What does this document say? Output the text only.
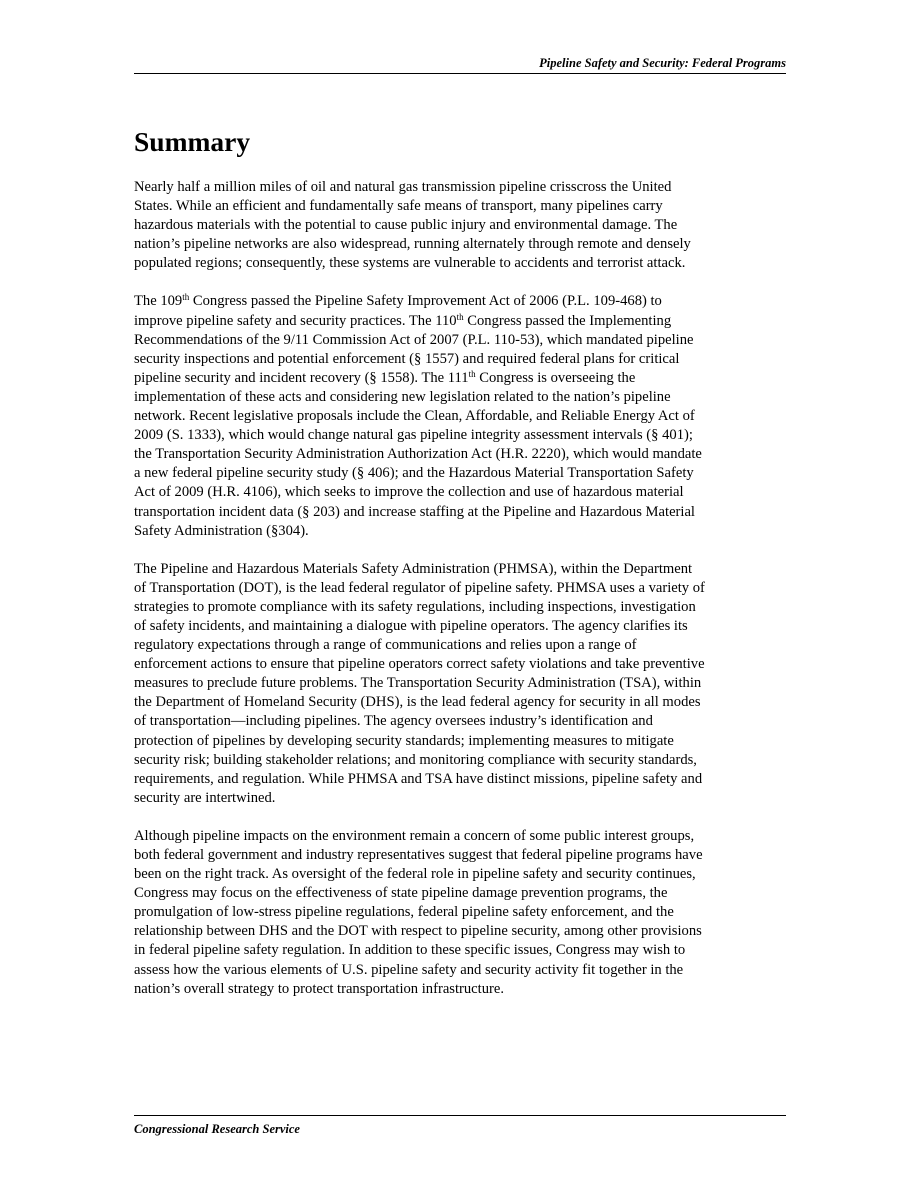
Pipeline Safety and Security: Federal Programs
Summary

Nearly half a million miles of oil and natural gas transmission pipeline crisscross the United
States. While an efficient and fundamentally safe means of transport, many pipelines carry
hazardous materials with the potential to cause public injury and environmental damage. The
nation’s pipeline networks are also widespread, running alternately through remote and densely
populated regions; consequently, these systems are vulnerable to accidents and terrorist attack.

The 109th Congress passed the Pipeline Safety Improvement Act of 2006 (P.L. 109-468) to
improve pipeline safety and security practices. The 110th Congress passed the Implementing
Recommendations of the 9/11 Commission Act of 2007 (P.L. 110-53), which mandated pipeline
security inspections and potential enforcement (§ 1557) and required federal plans for critical
pipeline security and incident recovery (§ 1558). The 111th Congress is overseeing the
implementation of these acts and considering new legislation related to the nation’s pipeline
network. Recent legislative proposals include the Clean, Affordable, and Reliable Energy Act of
2009 (S. 1333), which would change natural gas pipeline integrity assessment intervals (§ 401);
the Transportation Security Administration Authorization Act (H.R. 2220), which would mandate
a new federal pipeline security study (§ 406); and the Hazardous Material Transportation Safety
Act of 2009 (H.R. 4106), which seeks to improve the collection and use of hazardous material
transportation incident data (§ 203) and increase staffing at the Pipeline and Hazardous Material
Safety Administration (§304).

The Pipeline and Hazardous Materials Safety Administration (PHMSA), within the Department
of Transportation (DOT), is the lead federal regulator of pipeline safety. PHMSA uses a variety of
strategies to promote compliance with its safety regulations, including inspections, investigation
of safety incidents, and maintaining a dialogue with pipeline operators. The agency clarifies its
regulatory expectations through a range of communications and relies upon a range of
enforcement actions to ensure that pipeline operators correct safety violations and take preventive
measures to preclude future problems. The Transportation Security Administration (TSA), within
the Department of Homeland Security (DHS), is the lead federal agency for security in all modes
of transportation—including pipelines. The agency oversees industry’s identification and
protection of pipelines by developing security standards; implementing measures to mitigate
security risk; building stakeholder relations; and monitoring compliance with security standards,
requirements, and regulation. While PHMSA and TSA have distinct missions, pipeline safety and
security are intertwined.

Although pipeline impacts on the environment remain a concern of some public interest groups,
both federal government and industry representatives suggest that federal pipeline programs have
been on the right track. As oversight of the federal role in pipeline safety and security continues,
Congress may focus on the effectiveness of state pipeline damage prevention programs, the
promulgation of low-stress pipeline regulations, federal pipeline safety enforcement, and the
relationship between DHS and the DOT with respect to pipeline security, among other provisions
in federal pipeline safety regulation. In addition to these specific issues, Congress may wish to
assess how the various elements of U.S. pipeline safety and security activity fit together in the
nation’s overall strategy to protect transportation infrastructure.

Congressional Research Service
